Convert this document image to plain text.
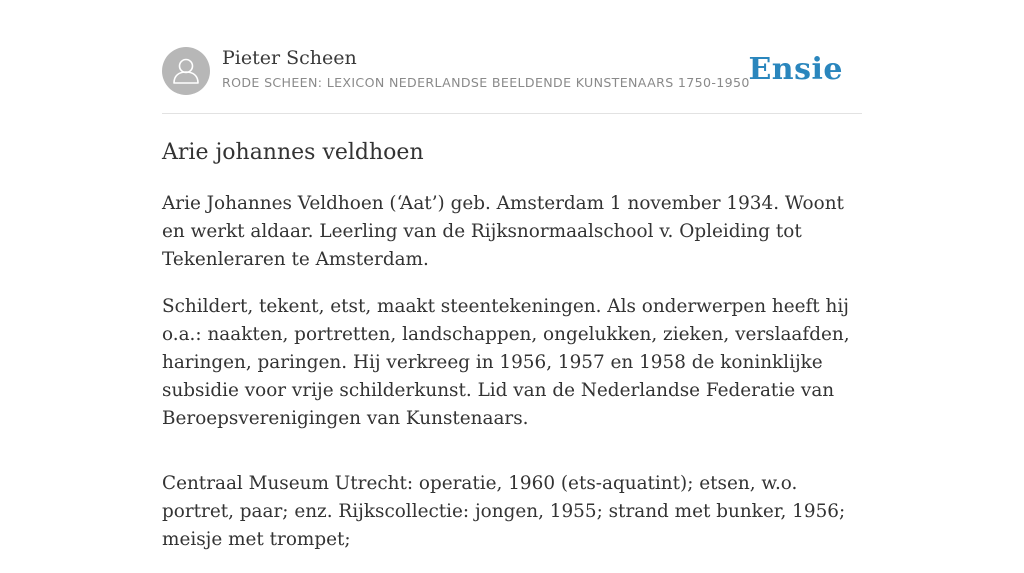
Pieter Scheen
RODE SCHEEN: LEXICON NEDERLANDSE BEELDENDE KUNSTENAARS 1750-1950
Ensie
Arie johannes veldhoen

Arie Johannes Veldhoen (‘Aat’) geb. Amsterdam 1 november 1934. Woont en werkt aldaar. Leerling van de Rijksnormaalschool v. Opleiding tot Tekenleraren te Amsterdam.

Schildert, tekent, etst, maakt steentekeningen. Als onderwerpen heeft hij o.a.: naakten, portretten, landschappen, ongelukken, zieken, verslaafden, haringen, paringen. Hij verkreeg in 1956, 1957 en 1958 de koninklijke subsidie voor vrije schilderkunst. Lid van de Nederlandse Federatie van Beroepsverenigingen van Kunstenaars.

Centraal Museum Utrecht: operatie, 1960 (ets-aquatint); etsen, w.o. portret, paar; enz. Rijkscollectie: jongen, 1955; strand met bunker, 1956; meisje met trompet;
